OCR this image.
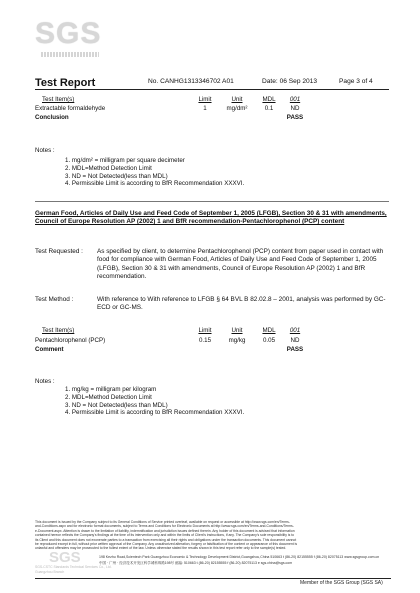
SGS
Test Report	No. CANHG1313346702 A01	Date: 06 Sep 2013	Page 3 of 4
Test Item(s)	Limit	Unit	MDL	001
Extractable formaldehyde	1	mg/dm²	0.1	ND
Conclusion	PASS
Notes :
1. mg/dm² = milligram per square decimeter
2. MDL=Method Detection Limit
3. ND = Not Detected(less than MDL)
4. Permissible Limit is according to BfR Recommendation XXXVI.
German Food, Articles of Daily Use and Feed Code of September 1, 2005 (LFGB), Section 30 & 31 with amendments, Council of Europe Resolution AP (2002) 1 and BfR recommendation-Pentachlorophenol (PCP) content
Test Requested : As specified by client, to determine Pentachlorophenol (PCP) content from paper used in contact with food for compliance with German Food, Articles of Daily Use and Feed Code of September 1, 2005 (LFGB), Section 30 & 31 with amendments, Council of Europe Resolution AP (2002) 1 and BfR recommendation.
Test Method :	With reference to With reference to LFGB § 64 BVL B 82.02.8 – 2001, analysis was performed by GC-ECD or GC-MS.
Test Item(s)	Limit	Unit	MDL	001
Pentachlorophenol (PCP)	0.15	mg/kg	0.05	ND
Comment	PASS
Notes :
1. mg/kg = milligram per kilogram
2. MDL=Method Detection Limit
3. ND = Not Detected(less than MDL)
4. Permissible Limit is according to BfR Recommendation XXXVI.
This document is issued by the Company subject to its General Conditions of Service printed overleaf, available on request or accessible at http://www.sgs.com/en/Terms-
and-Conditions.aspx and for electronic format documents, subject to Terms and Conditions for Electronic Documents at http://www.sgs.com/en/Terms-and-Conditions/Terms-
e-Document.aspx. Attention is drawn to the limitation of liability, indemnification and jurisdiction issues defined therein. Any holder of this document is advised that information
contained hereon reflects the Company's findings at the time of its intervention only and within the limits of Client's instructions, if any. The Company's sole responsibility is to
its Client and this document does not exonerate parties to a transaction from exercising all their rights and obligations under the transaction documents. This document cannot
be reproduced except in full, without prior written approval of the Company. Any unauthorized alteration, forgery or falsification of the content or appearance of this document is
unlawful and offenders may be prosecuted to the fullest extent of the law. Unless otherwise stated the results shown in this test report refer only to the sample(s) tested.
SGS
SGS-CSTC Standards Technical Services Co., Ltd.
Guangzhou Branch
198 Kezhu Road,Scientech Park Guangzhou Economic & Technology Development District,Guangzhou,China 510663 t (86-20) 82155555 f (86-20) 82075113 www.sgsgroup.com.cn
中国 · 广州 · 经济技术开发区科学城科珠路198号 邮编: 510663 t (86-20) 82155555 f (86-20) 82075113 e sgs.china@sgs.com
Member of the SGS Group (SGS SA)
